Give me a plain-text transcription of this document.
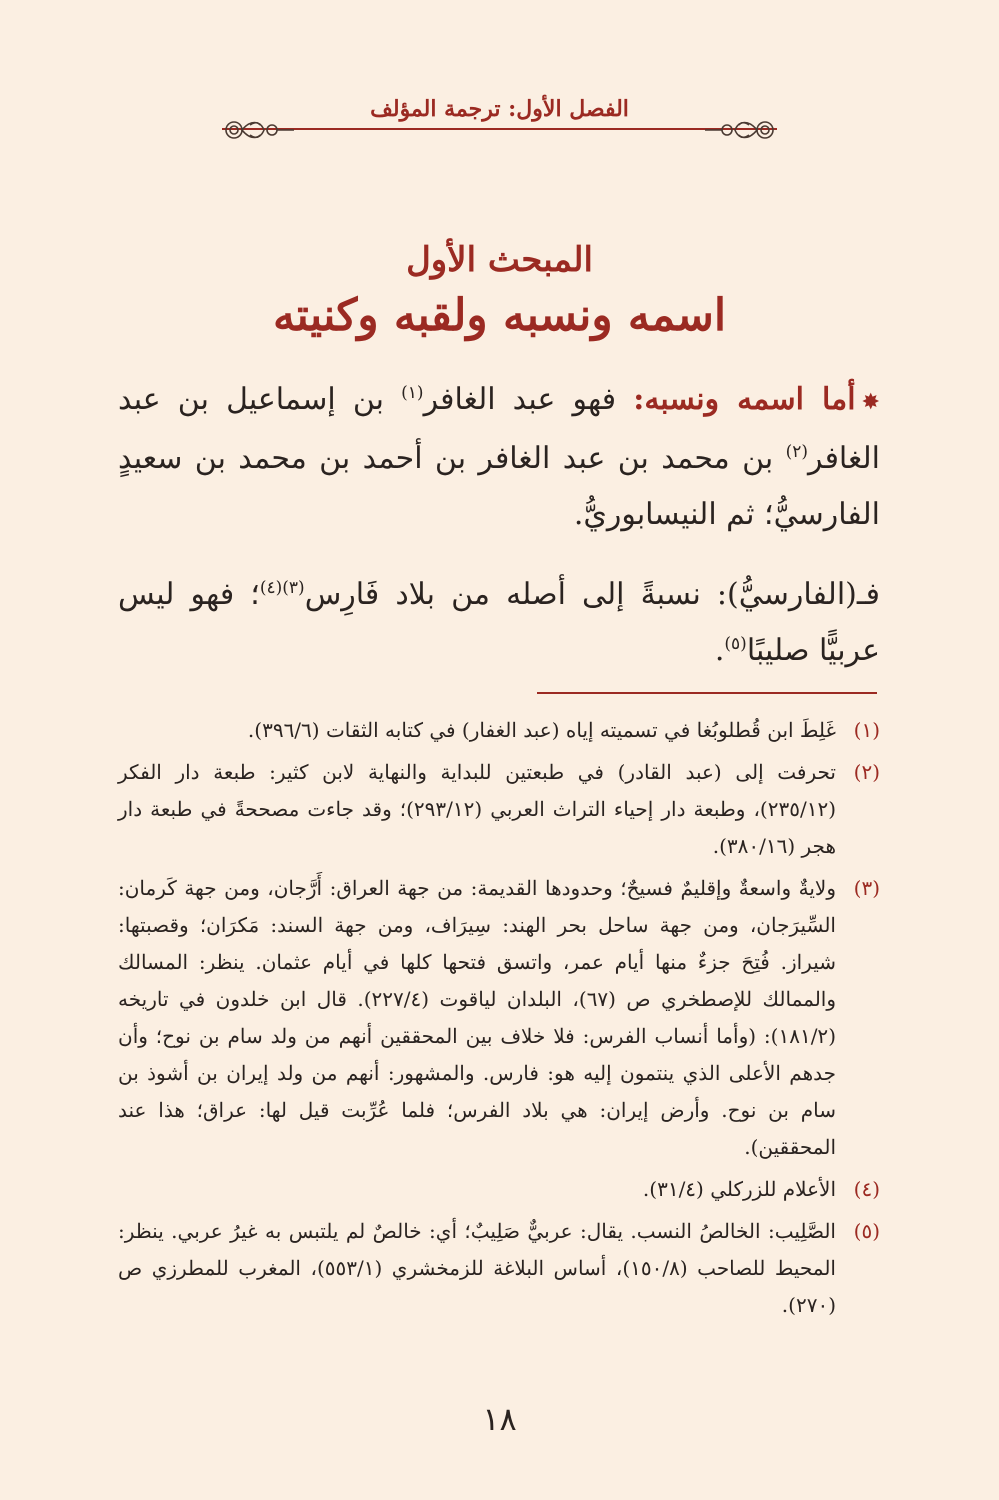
الفصل الأول: ترجمة المؤلف
المبحث الأول
اسمه ونسبه ولقبه وكنيته

✸أما اسمه ونسبه: فهو عبد الغافر$^{(١)}$ بن إسماعيل بن عبد الغافر$^{(٢)}$ بن محمد بن عبد الغافر بن أحمد بن محمد بن سعيدٍ الفارسيُّ؛ ثم النيسابوريُّ.

فـ(الفارسيُّ): نسبةً إلى أصله من بلاد فَارِس$^{(٣)(٤)}$؛ فهو ليس عربيًّا صليبًا$^{(٥)}$.

(١)
غَلِطَ ابن قُطلوبُغا في تسميته إياه (عبد الغفار) في كتابه الثقات (٣٩٦/٦).
(٢)
تحرفت إلى (عبد القادر) في طبعتين للبداية والنهاية لابن كثير: طبعة دار الفكر (٢٣٥/١٢)، وطبعة دار إحياء التراث العربي (٢٩٣/١٢)؛ وقد جاءت مصححةً في طبعة دار هجر (٣٨٠/١٦).
(٣)
ولايةٌ واسعةٌ وإقليمٌ فسيحٌ؛ وحدودها القديمة: من جهة العراق: أَرَّجان، ومن جهة كَرمان: السِّيرَجان، ومن جهة ساحل بحر الهند: سِيرَاف، ومن جهة السند: مَكرَان؛ وقصبتها: شيراز. فُتِحَ جزءٌ منها أيام عمر، واتسق فتحها كلها في أيام عثمان. ينظر: المسالك والممالك للإصطخري ص (٦٧)، البلدان لياقوت (٢٢٧/٤). قال ابن خلدون في تاريخه (١٨١/٢): (وأما أنساب الفرس: فلا خلاف بين المحققين أنهم من ولد سام بن نوح؛ وأن جدهم الأعلى الذي ينتمون إليه هو: فارس. والمشهور: أنهم من ولد إيران بن أشوذ بن سام بن نوح. وأرض إيران: هي بلاد الفرس؛ فلما عُرِّبت قيل لها: عراق؛ هذا عند المحققين).
(٤)
الأعلام للزركلي (٣١/٤).
(٥)
الصَّلِيب: الخالصُ النسب. يقال: عربيٌّ صَلِيبٌ؛ أي: خالصٌ لم يلتبس به غيرُ عربي. ينظر: المحيط للصاحب (١٥٠/٨)، أساس البلاغة للزمخشري (٥٥٣/١)، المغرب للمطرزي ص (٢٧٠).
١٨
